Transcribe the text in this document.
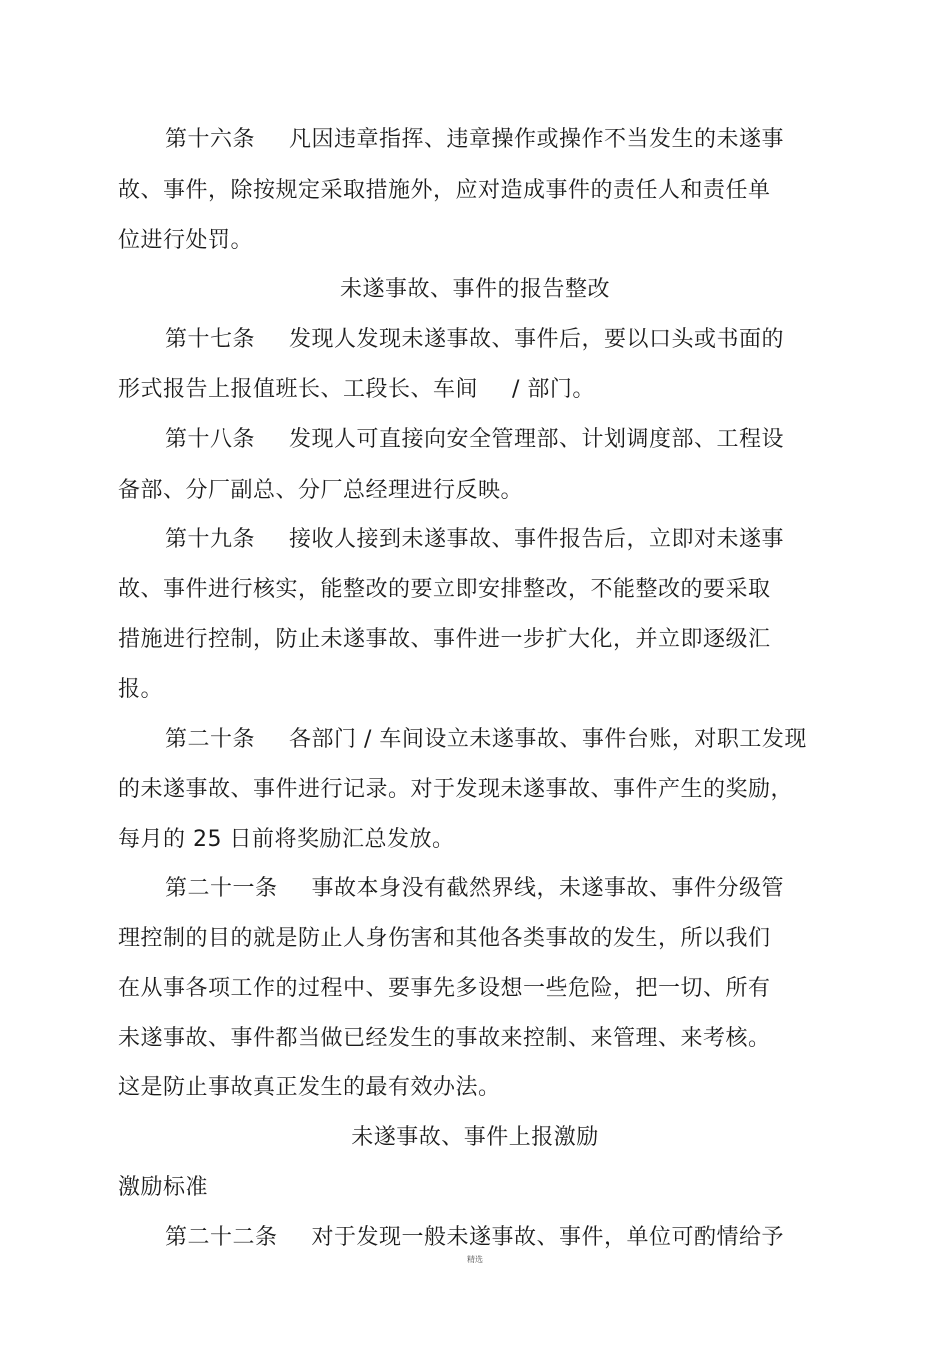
第十六条 凡因违章指挥、违章操作或操作不当发生的未遂事
故、事件，除按规定采取措施外，应对造成事件的责任人和责任单
位进行处罚。
未遂事故、事件的报告整改
第十七条 发现人发现未遂事故、事件后，要以口头或书面的
形式报告上报值班长、工段长、车间 / 部门。
第十八条 发现人可直接向安全管理部、计划调度部、工程设
备部、分厂副总、分厂总经理进行反映。
第十九条 接收人接到未遂事故、事件报告后，立即对未遂事
故、事件进行核实，能整改的要立即安排整改，不能整改的要采取
措施进行控制，防止未遂事故、事件进一步扩大化，并立即逐级汇
报。
第二十条 各部门 / 车间设立未遂事故、事件台账，对职工发现
的未遂事故、事件进行记录。对于发现未遂事故、事件产生的奖励，
每月的 25 日前将奖励汇总发放。
第二十一条 事故本身没有截然界线，未遂事故、事件分级管
理控制的目的就是防止人身伤害和其他各类事故的发生，所以我们
在从事各项工作的过程中、要事先多设想一些危险，把一切、所有
未遂事故、事件都当做已经发生的事故来控制、来管理、来考核。
这是防止事故真正发生的最有效办法。
未遂事故、事件上报激励
激励标准
第二十二条 对于发现一般未遂事故、事件，单位可酌情给予
精选
